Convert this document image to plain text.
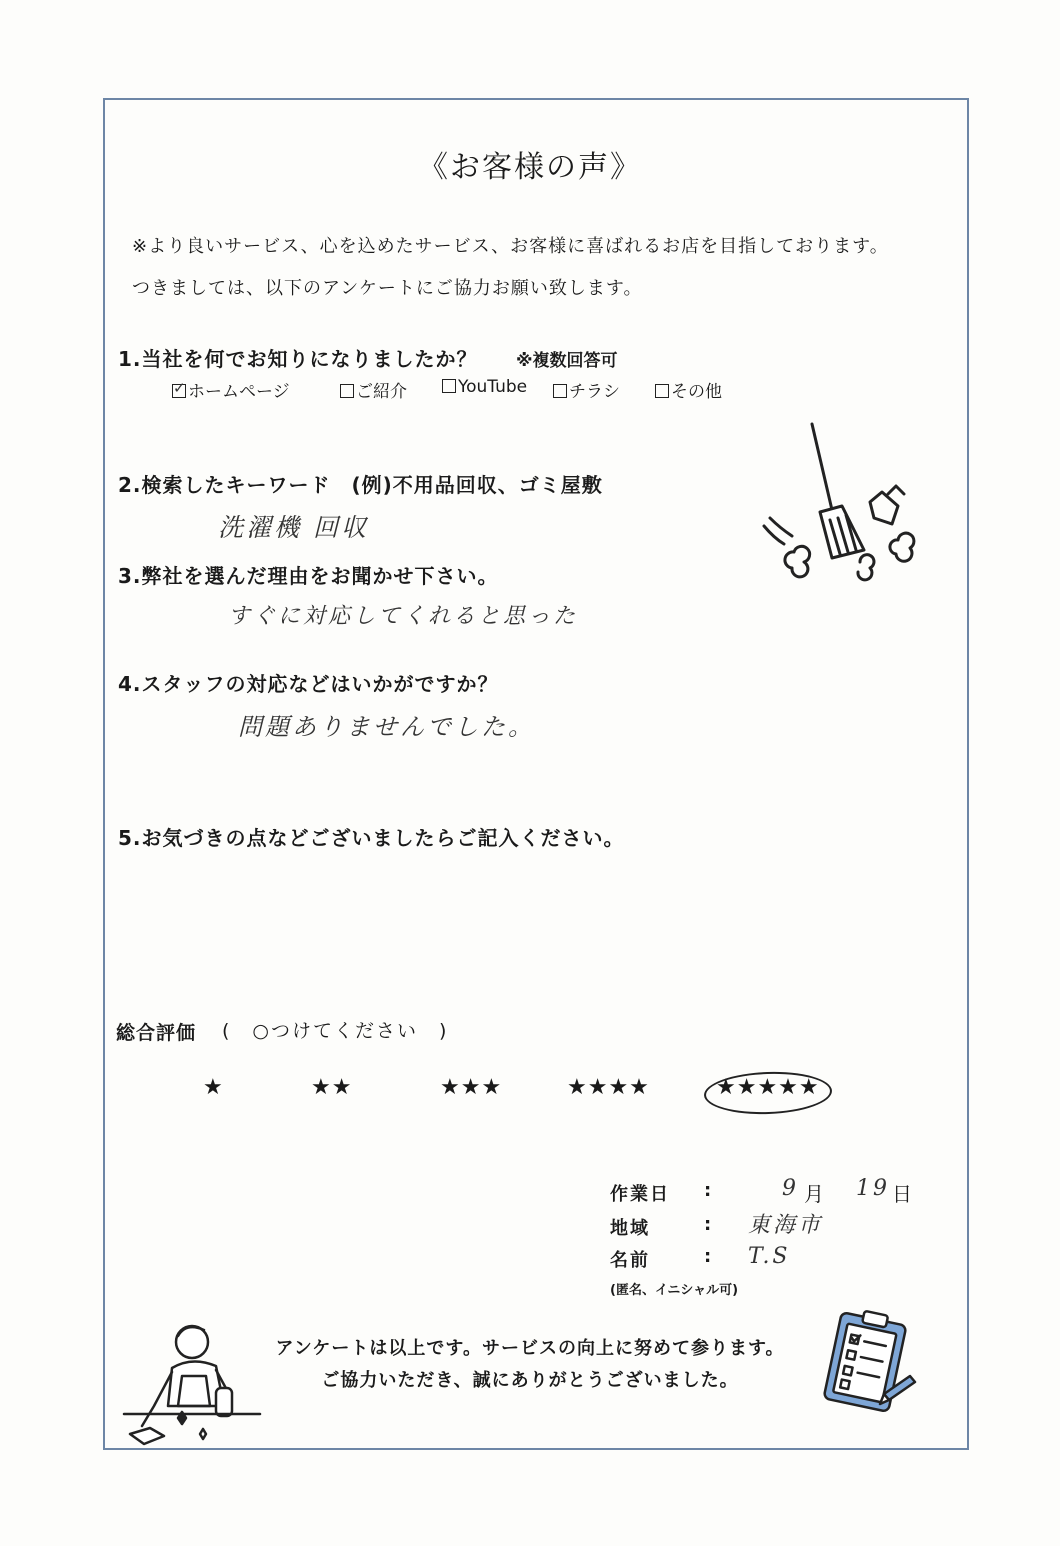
《お客様の声》
※より良いサービス、心を込めたサービス、お客様に喜ばれるお店を目指しております。
つきましては、以下のアンケートにご協力お願い致します。
1.当社を何でお知りになりましたか？ ※複数回答可
✓ホームページ	ご紹介	YouTube	チラシ	その他
2.検索したキーワード　(例)不用品回収、ゴミ屋敷
洗濯機 回収
3.弊社を選んだ理由をお聞かせ下さい。
すぐに対応してくれると思った
4.スタッフの対応などはいかがですか？
問題ありませんでした。
5.お気づきの点などございましたらご記入ください。
総合評価 (　○つけてください　)
★	★★	★★★	★★★★	★★★★★
作業日 :	9 月 19 日
地域	: 東海市
名前	: T.S
(匿名、イニシャル可)
アンケートは以上です。サービスの向上に努めて参ります。
ご協力いただき、誠にありがとうございました。
